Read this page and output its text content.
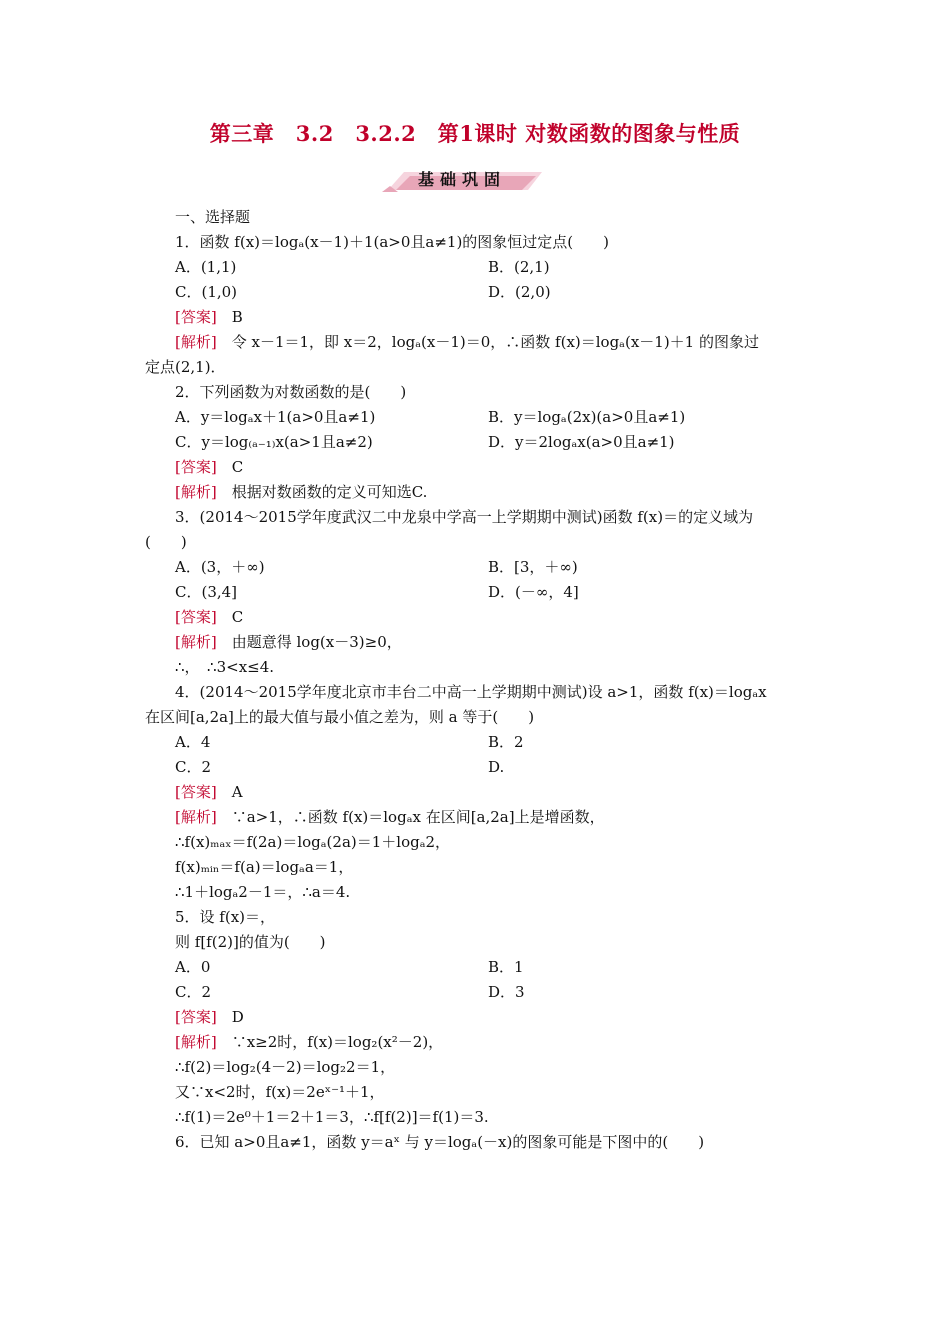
第三章　3.2　3.2.2　第1课时 对数函数的图象与性质
基础巩固
一、选择题
1．函数 f(x)＝logₐ(x－1)＋1(a>0且a≠1)的图象恒过定点(　　)
A．(1,1)	B．(2,1)
C．(1,0)	D．(2,0)
[答案]　B
[解析]　令 x－1＝1，即 x＝2，logₐ(x－1)＝0，∴函数 f(x)＝logₐ(x－1)＋1 的图象过
定点(2,1)．
2．下列函数为对数函数的是(　　)
A．y＝logₐx＋1(a>0且a≠1)	B．y＝logₐ(2x)(a>0且a≠1)
C．y＝log₍ₐ₋₁₎x(a>1且a≠2)	D．y＝2logₐx(a>0且a≠1)
[答案]　C
[解析]　根据对数函数的定义可知选C.
3．(2014～2015学年度武汉二中龙泉中学高一上学期期中测试)函数 f(x)＝的定义域为
(　　)
A．(3，＋∞)	B．[3，＋∞)
C．(3,4]	D．(－∞，4]
[答案]　C
[解析]　由题意得 log(x－3)≥0，
∴，　∴3<x≤4.
4．(2014～2015学年度北京市丰台二中高一上学期期中测试)设 a>1，函数 f(x)＝logₐx
在区间[a,2a]上的最大值与最小值之差为，则 a 等于(　　)
A．4	B．2
C．2	D.
[答案]　A
[解析]　∵a>1，∴函数 f(x)＝logₐx 在区间[a,2a]上是增函数，
∴f(x)ₘₐₓ＝f(2a)＝logₐ(2a)＝1＋logₐ2，
f(x)ₘᵢₙ＝f(a)＝logₐa＝1，
∴1＋logₐ2－1＝，∴a＝4.
5．设 f(x)＝，
则 f[f(2)]的值为(　　)
A．0	B．1
C．2	D．3
[答案]　D
[解析]　∵x≥2时，f(x)＝log₂(x²－2)，
∴f(2)＝log₂(4－2)＝log₂2＝1，
又∵x<2时，f(x)＝2eˣ⁻¹＋1，
∴f(1)＝2e⁰＋1＝2＋1＝3，∴f[f(2)]＝f(1)＝3.
6．已知 a>0且a≠1，函数 y＝aˣ 与 y＝logₐ(－x)的图象可能是下图中的(　　)
